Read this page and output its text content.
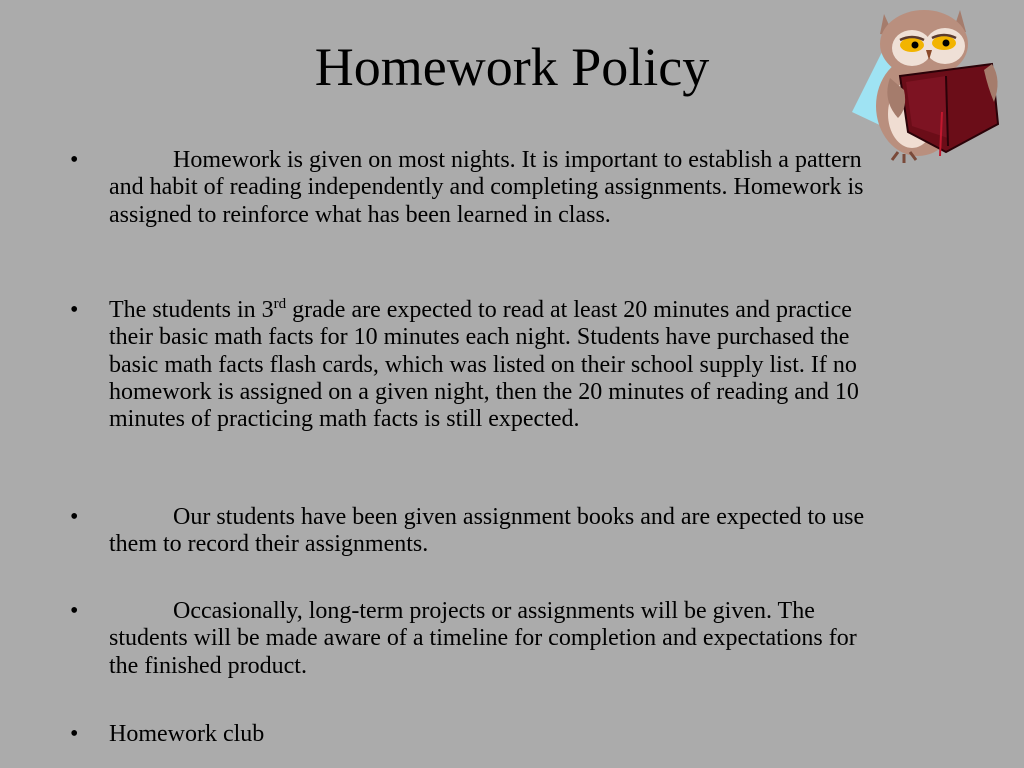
Homework Policy
•	Homework is given on most nights. It is important to establish a pattern and habit of reading independently and completing assignments. Homework is assigned to reinforce what has been learned in class.
• The students in 3rd grade are expected to read at least 20 minutes and practice their basic math facts for 10 minutes each night. Students have purchased the basic math facts flash cards, which was listed on their school supply list. If no homework is assigned on a given night, then the 20 minutes of reading and 10 minutes of practicing math facts is still expected.
•	Our students have been given assignment books and are expected to use them to record their assignments.
•	Occasionally, long-term projects or assignments will be given. The students will be made aware of a timeline for completion and expectations for the finished product.
• Homework club
